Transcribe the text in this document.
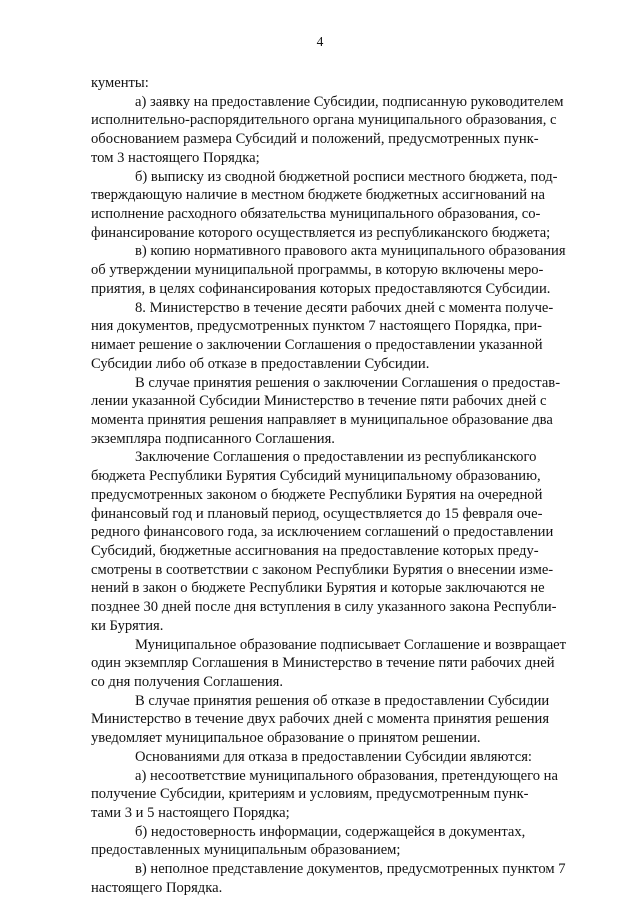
4

кументы:

а) заявку на предоставление Субсидии, подписанную руководителем
исполнительно-распорядительного органа муниципального образования, с
обоснованием размера Субсидий и положений, предусмотренных пунк-
том 3 настоящего Порядка;

б) выписку из сводной бюджетной росписи местного бюджета, под-
тверждающую наличие в местном бюджете бюджетных ассигнований на
исполнение расходного обязательства муниципального образования, со-
финансирование которого осуществляется из республиканского бюджета;

в) копию нормативного правового акта муниципального образования
об утверждении муниципальной программы, в которую включены меро-
приятия, в целях софинансирования которых предоставляются Субсидии.

8. Министерство в течение десяти рабочих дней с момента получе-
ния документов, предусмотренных пунктом 7 настоящего Порядка, при-
нимает решение о заключении Соглашения о предоставлении указанной
Субсидии либо об отказе в предоставлении Субсидии.

В случае принятия решения о заключении Соглашения о предостав-
лении указанной Субсидии Министерство в течение пяти рабочих дней с
момента принятия решения направляет в муниципальное образование два
экземпляра подписанного Соглашения.

Заключение Соглашения о предоставлении из республиканского
бюджета Республики Бурятия Субсидий муниципальному образованию,
предусмотренных законом о бюджете Республики Бурятия на очередной
финансовый год и плановый период, осуществляется до 15 февраля оче-
редного финансового года, за исключением соглашений о предоставлении
Субсидий, бюджетные ассигнования на предоставление которых преду-
смотрены в соответствии с законом Республики Бурятия о внесении изме-
нений в закон о бюджете Республики Бурятия и которые заключаются не
позднее 30 дней после дня вступления в силу указанного закона Республи-
ки Бурятия.

Муниципальное образование подписывает Соглашение и возвращает
один экземпляр Соглашения в Министерство в течение пяти рабочих дней
со дня получения Соглашения.

В случае принятия решения об отказе в предоставлении Субсидии
Министерство в течение двух рабочих дней с момента принятия решения
уведомляет муниципальное образование о принятом решении.

Основаниями для отказа в предоставлении Субсидии являются:

а) несоответствие муниципального образования, претендующего на
получение Субсидии, критериям и условиям, предусмотренным пунк-
тами 3 и 5 настоящего Порядка;

б) недостоверность информации, содержащейся в документах,
предоставленных муниципальным образованием;

в) неполное представление документов, предусмотренных пунктом 7
настоящего Порядка.
